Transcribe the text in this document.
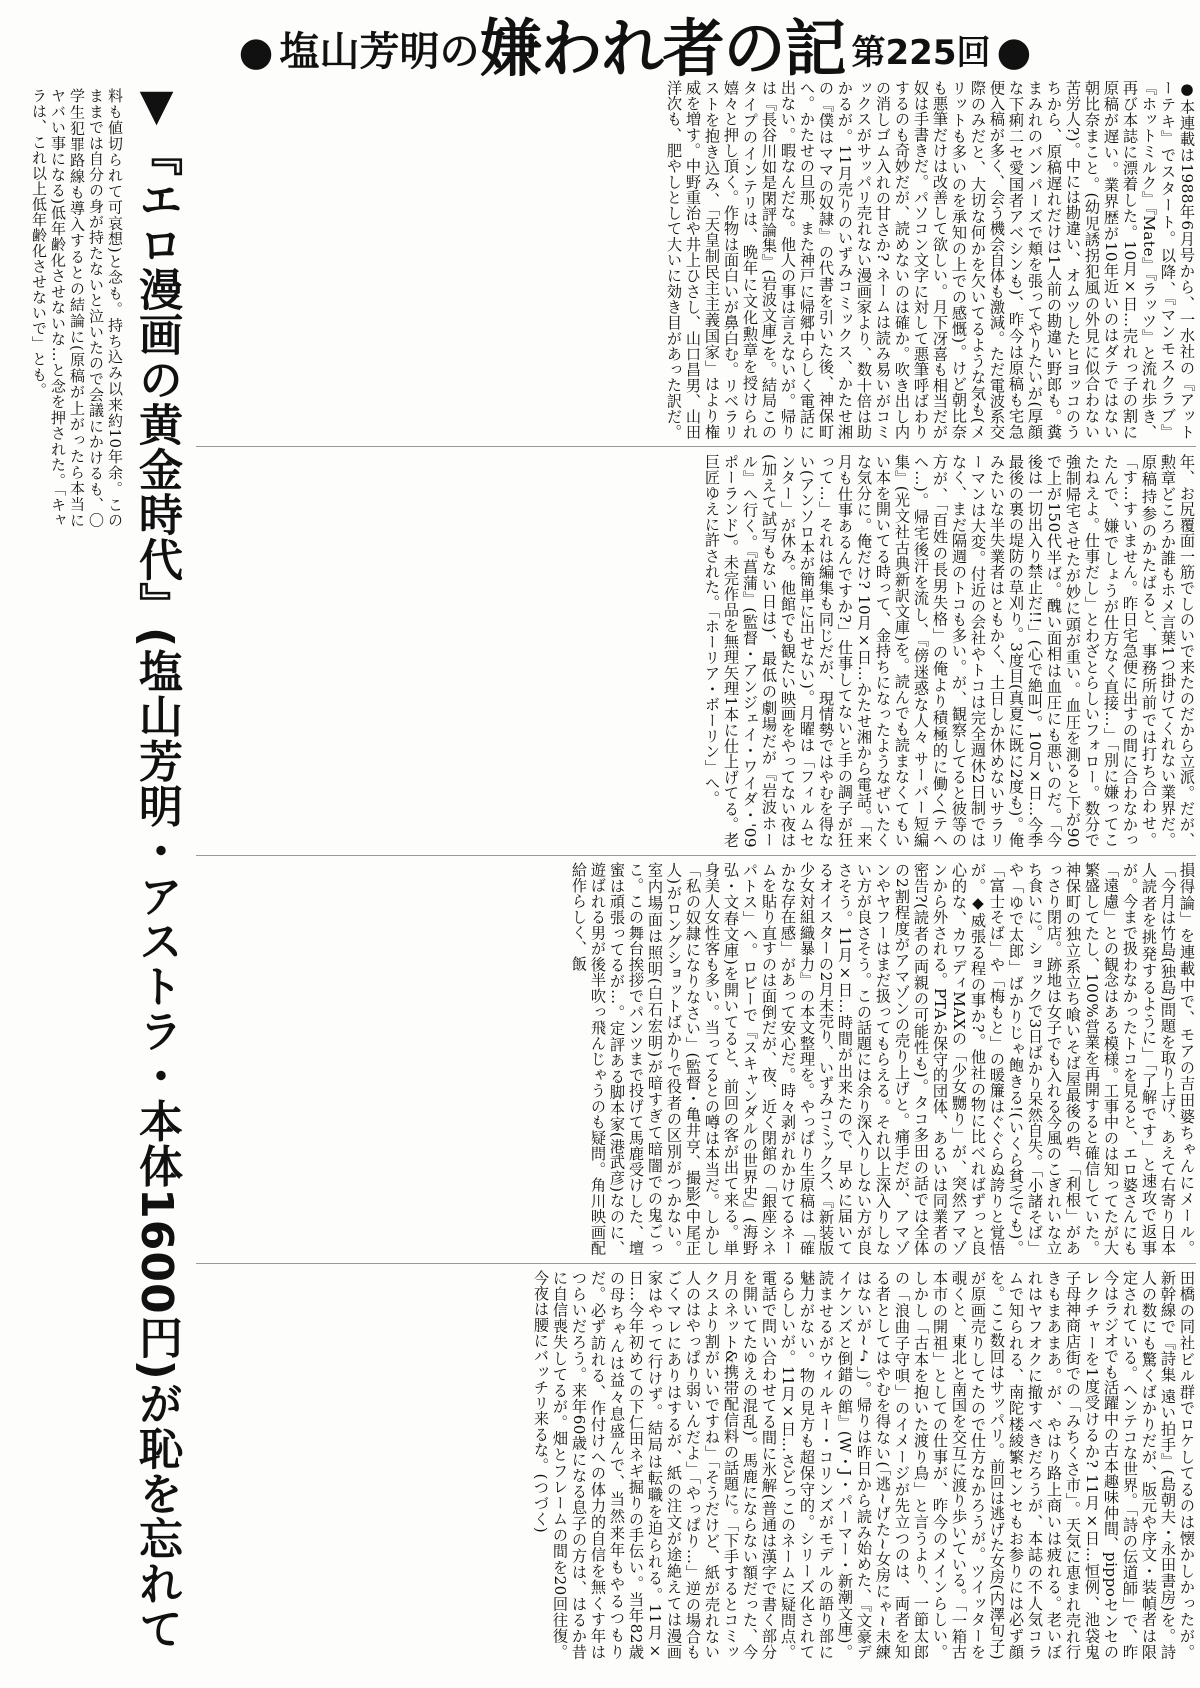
● 塩山芳明の 嫌われ者の記 第225回 ●
▼『エロ漫画の黄金時代』(塩山芳明・アストラ・本体1600円)が恥を忘れて
料も値切られて可哀想)と念も。持ち込み以来約10年余。このままでは自分の身が持たないと泣いたので会議にかけるも、〇学生犯罪路線も導入するとの結論に(原稿が上がったら本当にヤバい事になる)低年齢化させないな…と念を押された。「キャラは、これ以上低年齢化させないで」とも。	●本連載は1988年6月号から、一水社の『アットーテキ』でスタート。以降、『マンモスクラブ』『ホットミルク』『Mate』『ラッツ』と流れ歩き、再び本誌に漂着した。10月×日…売れっ子の割に原稿が遅い。業界歴が10年近いのはダテではない朝比奈まこと。(幼児誘拐犯風の外見に似合わない苦労人?)。中には勘違い、オムツしたヒヨッコのうちから、原稿遅れだけは1人前の勘違い野郎も。糞まみれのバンパーズで頬を張ってやりたいが(厚顔な下痢二セ愛国者アベシンも)、昨今は原稿も宅急便入稿が多く、会う機会自体も激減。ただ電波系交際のみだと、大切な何かを欠いてるような気も(メリットも多いのを承知の上での感慨)。けど朝比奈も悪筆だけは改善して欲しい。月下冴喜も相当だが奴は手書きだ。パソコン文字に対して悪筆呼ばわりするのも奇妙だが、読めないのは確か。吹き出し内の消しゴム入れの甘さか? ネームは読み易いがコミックスがサッパリ売れない漫画家より、数十倍は助かるが。11月売りのいずみコミックス、かたせ湘の『僕はママの奴隷』の代書を引いた後、神保町へ。かたせの旦那、また神戸に帰郷中らしく電話に出ない。暇なんだな。他人の事は言えないが。帰りは『長谷川如是閑評論集』(岩波文庫)を。結局このタイプのインテリは、晩年に文化勲章を授けられ嬉々と押し頂く。作物は面白いが鼻白む。リベラリストを抱き込み、「天皇制民主主義国家」はより権威を増す。中野重治や井上ひさし、山口昌男、山田洋次も、肥やしとして大いに効き目があった訳だ。
年、お尻覆面一筋でしのいで来たのだから立派。だが、勲章どころか誰もホメ言葉1つ掛けてくれない業界だ。原稿持参のかたばると、事務所前では打ち合わせ。「す…すいません。昨日宅急便に出すの間に合わなかったんで、嫌でしょうが仕方なく直接…」「別に嫌ってこたねえよ。仕事だし」とわざとらしいフォロー。数分で強制帰宅させたが妙に頭が重い。血圧を測ると下が90で上が150代半ば。醜い面相は血圧にも悪いのだ。「今後は一切出入り禁止だ!!」(心で絶叫)。10月×日…今季最後の裏の堤防の草刈り。3度目(真夏に既に2度も)。俺みたいな半失業者はともかく、土日しか休めないサラリーマンは大変。付近の会社やトコは完全週休2日制ではなく、まだ隔週のトコも多い。が、観察してると彼等の方が、「百姓の長男失格」の俺より積極的に働く(テヘヘ…)。帰宅後汗を流し、『傍迷惑な人々 サーバー短編集』(光文社古典新訳文庫)を。読んでも読まなくてもいい本を開いてる時って、金持ちになったようなぜいたくな気分に。俺だけ? 10月×日…かたせ湘から電話。「来月も仕事あるんですか?」仕事してないと手の調子が狂って…」それは編集も同じだが、現情勢ではやむを得ない(アンソロ本が簡単に出せない)。月曜は「フィルムセンター」が休み。他館でも観たい映画をやってない夜は(加えて試写もない日は)、最低の劇場だが『岩波ホール』へ行く。『菖蒲』(監督・アンジェイ・ワイダ・'09ポーランド)。未完作品を無理矢理1本に仕上げてる。老巨匠ゆえに許された。「ホーリア・ボーリン」へ。
損得論」を連載中で、モアの吉田婆ちゃんにメール。「今月は竹島(独島)問題を取り上げ、あえて右寄り日本人読者を挑発するように」「了解です」と速攻で返事が。今まで扱わなかったトコを見ると、エロ婆さんにも「遠慮」との観念はある模様。工事中のは知ってたが大繁盛してたし、100%営業を再開すると確信していた。神保町の独立系立ち喰いそば屋最後の砦、「利根」があっさり閉店。跡地は女子でも入れる今風のこぎれいな立ち食いに。ショックで3日ばかり呆然自失。「小諸そば」や「ゆで太郎」ばかりじゃ飽きる!(いくら貧乏でも)。「富士そば」や「梅もと」の暖簾はぐぐらぬ誇りと覚悟が。◆威張る程の事か?。他社の物に比べればずっと良心的な、カワディMAXの「少女嬲り」が、突然アマゾンから外される。PTAか保守的団体、あるいは同業者の密告?(読者の両親の可能性も)。タコ多田の話では全体の2割程度がアマゾンの売り上げと。痛手だが、アマゾンやヤフーはまだ扱ってもらえる。それ以上深入りしない方が良さそう。この話題には余り深入りしない方が良さそう。11月×日…時間が出来たので、早めに届いてるオイスターの2月末売り、いずみコミックス、『新装版 少女対組織暴力』の本文整理を。やっぱり生原稿は「確かな存在感」があって安心だ。時々剥がれかけてるネームを貼り直すのは面倒だが、夜、近く閉館の「銀座シネパトス」へ。ロビーで『スキャンダルの世界史』(海野弘・文春文庫)を開いてると、前回の客が出て来る。単身美人女性客も多い。当ってるとの噂は本当だ。しかし「私の奴隷になりなさい」(監督・亀井亨、撮影(中尾正人)がロングショットばかりで役者の区別がつかない。室内場面は照明(白石宏明)が暗すぎて暗闇での鬼ごっこ。この舞台挨拶でパンツまで投げて馬鹿受けした、壇蜜は頑張ってるが…。定評ある脚本家(港武彦)なのに、遊ばれる男が後半吹っ飛んじゃうのも疑問。角川映画配給作らしく、飯
田橋の同社ビル群でロケしてるのは懐かしかったが。新幹線で『詩集 遠い拍手』(島朝夫・永田書房)を。詩人の数にも驚くばかりだが、版元や序文・装幀者は限定されている。ヘンテコな世界。「詩の伝道師」で、昨今はラジオでも活躍中の古本趣味仲間、pippoセンセのレクチャーを1度受けるか? 11月×日…恒例、池袋鬼子母神商店街での「みちくさ市」。天気に恵まれ売れ行きもまあまあ。が、やはり路上商いは疲れる。老いぼれはヤフオクに撤すべきだろうが、本誌の不人気コラムで知られる、南陀楼綾繁センセもお参りには必ず顔を。ここ数回はサッパリ。前回は逃げた女房(内澤旬子)が原画売りしてたので仕方なかろうが。ツイッターを覗くと、東北と南国を交互に渡り歩いている。「一箱古本市の開祖」としての仕事が、昨今のメインらしい。しかし「古本を抱いた渡り鳥」と言うより、一節太郎の「浪曲子守唄」のイメージが先立つのは、両者を知る者としてはやむを得ない(「逃~げた~女房にゃ~未練はないが~♪」)。帰りは昨日から読み始めた、『文豪デイケンズと倒錯の館』(W・J・パーマー・新潮文庫)。読ませるがウィルキー・コリンズがモデルの語り部に魅力がない。物の見方も超保守的。シリーズ化されてるらしいが。11月×日…さどっこのネームに疑問点。電話で問い合わせてる間に氷解(普通は漢字で書く部分を開いてたゆえの混乱)。馬鹿にならない額だった、今月のネット&携帯配信料の話題に。「下手するとコミックスより割がいいですね」「そうだけど、紙が売れない人のはやっぱり弱いんだよ」「やっぱり…」逆の場合もごくマレにありはするが、紙の注文が途絶えては漫画家はやって行けず。結局は転職を迫られる。11月×日…今年初めての下仁田ネギ掘りの手伝い。当年82歳の母ちゃんは益々息盛んで、当然来年もやるつもりだ。必ず訪れる、作付けへの体力的自信を無くす年はつらいだろう。来年60歳になる息子の方は、はるか昔に自信喪失してるが。畑とフレームの間を20回往復。今夜は腰にバッチリ来るな。(つづく)
